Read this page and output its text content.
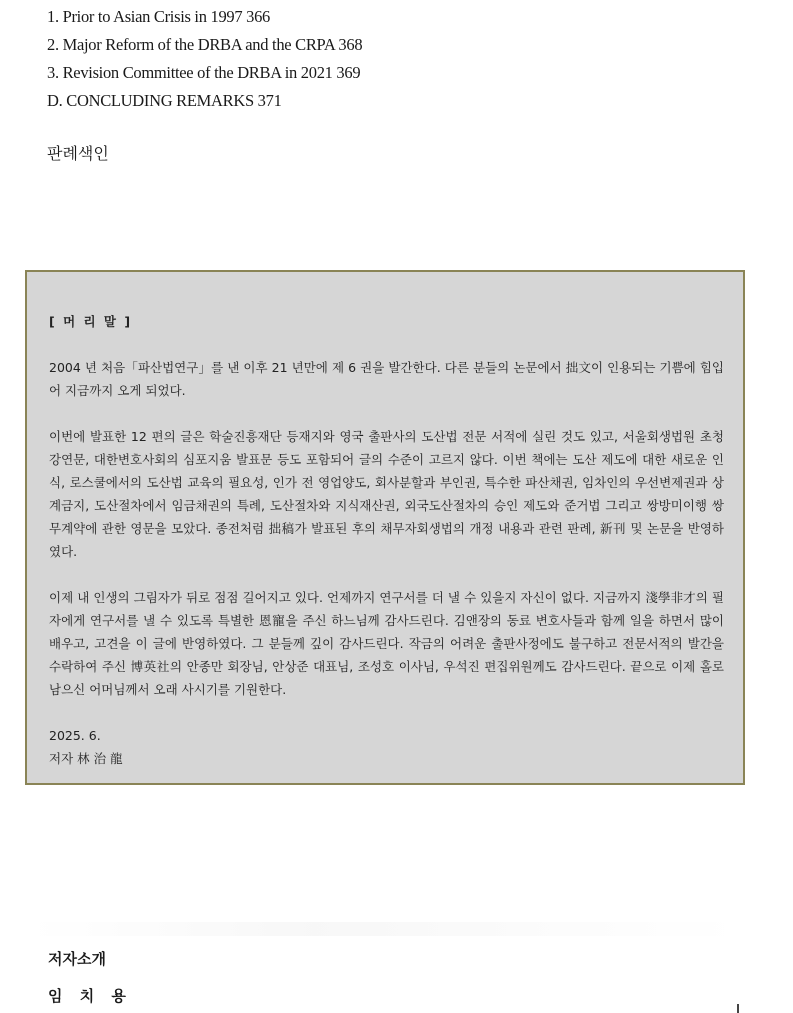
1. Prior to Asian Crisis in 1997 366
2. Major Reform of the DRBA and the CRPA 368
3. Revision Committee of the DRBA in 2021 369
D. CONCLUDING REMARKS 371
판례색인
[ 머 리 말 ]
2004 년 처음「파산법연구」를 낸 이후 21 년만에 제 6 권을 발간한다. 다른 분들의 논문에서 拙文이 인용되는 기쁨에 힘입어 지금까지 오게 되었다.
이번에 발표한 12 편의 글은 학술진흥재단 등재지와 영국 출판사의 도산법 전문 서적에 실린 것도 있고, 서울회생법원 초청강연문, 대한변호사회의 심포지움 발표문 등도 포함되어 글의 수준이 고르지 않다. 이번 책에는 도산 제도에 대한 새로운 인식, 로스쿨에서의 도산법 교육의 필요성, 인가 전 영업양도, 회사분할과 부인권, 특수한 파산채권, 임차인의 우선변제권과 상계금지, 도산절차에서 임금채권의 특례, 도산절차와 지식재산권, 외국도산절차의 승인 제도와 준거법 그리고 쌍방미이행 쌍무계약에 관한 영문을 모았다. 종전처럼 拙稿가 발표된 후의 채무자회생법의 개정 내용과 관련 판례, 新刊 및 논문을 반영하였다.
이제 내 인생의 그림자가 뒤로 점점 길어지고 있다. 언제까지 연구서를 더 낼 수 있을지 자신이 없다. 지금까지 淺學非才의 필자에게 연구서를 낼 수 있도록 특별한 恩寵을 주신 하느님께 감사드린다. 김앤장의 동료 변호사들과 함께 일을 하면서 많이 배우고, 고견을 이 글에 반영하였다. 그 분들께 깊이 감사드린다. 작금의 어려운 출판사정에도 불구하고 전문서적의 발간을 수락하여 주신 博英社의 안종만 회장님, 안상준 대표님, 조성호 이사님, 우석진 편집위원께도 감사드린다. 끝으로 이제 홀로 남으신 어머님께서 오래 사시기를 기원한다.
2025. 6.
저자 林 治 龍
저자소개
임 치 용
